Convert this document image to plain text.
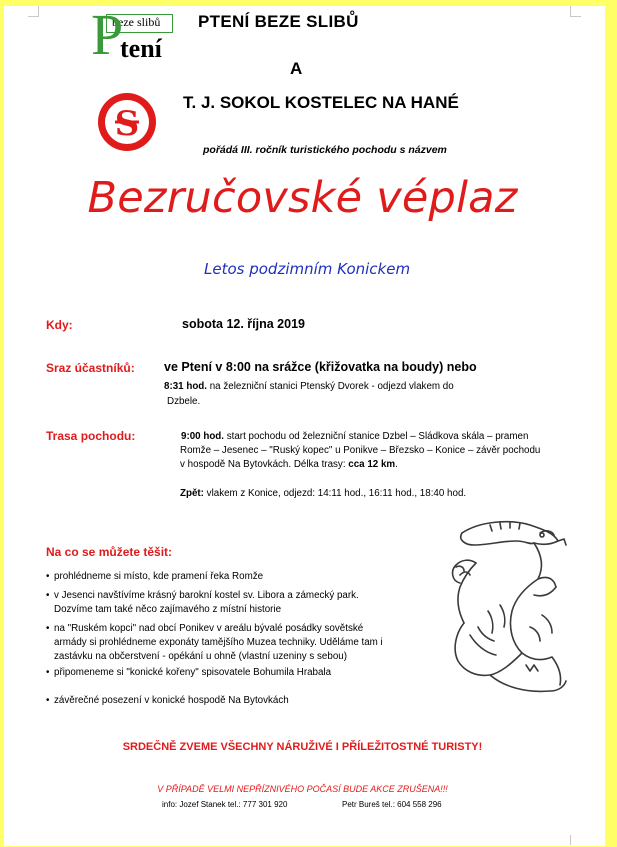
beze slibů
P
tení
PTENÍ BEZE SLIBŮ
A
S
T. J. SOKOL KOSTELEC NA HANÉ
pořádá III. ročník turistického pochodu s názvem
Bezručovské véplaz
Letos podzimním Konickem
Kdy:	sobota 12. října 2019
Sraz účastníků: ve Ptení v 8:00 na srážce (křižovatka na boudy) nebo
8:31 hod. na železniční stanici Ptenský Dvorek - odjezd vlakem do
Dzbele.
Trasa pochodu:	9:00 hod. start pochodu od železniční stanice Dzbel – Sládkova skála – pramen
Romže – Jesenec – "Ruský kopec" u Ponikve – Březsko – Konice – závěr pochodu
v hospodě Na Bytovkách. Délka trasy: cca 12 km.
Zpět: vlakem z Konice, odjezd: 14:11 hod., 16:11 hod., 18:40 hod.
Na co se můžete těšit:
• prohlédneme si místo, kde pramení řeka Romže
• v Jesenci navštívíme krásný barokní kostel sv. Libora a zámecký park. Dozvíme tam také něco zajímavého z místní historie
• na "Ruském kopci" nad obcí Ponikev v areálu bývalé posádky sovětské armády si prohlédneme exponáty tamějšího Muzea techniky. Uděláme tam i zastávku na občerstvení - opékání u ohně (vlastní uzeniny s sebou)
• připomeneme si "konické kořeny" spisovatele Bohumila Hrabala
• závěrečné posezení v konické hospodě Na Bytovkách
SRDEČNĚ ZVEME VŠECHNY NÁRUŽIVÉ I PŘÍLEŽITOSTNÉ TURISTY!
V PŘÍPADĚ VELMI NEPŘÍZNIVÉHO POČASÍ BUDE AKCE ZRUŠENA!!!
info: Jozef Stanek tel.: 777 301 920	Petr Bureš tel.: 604 558 296
